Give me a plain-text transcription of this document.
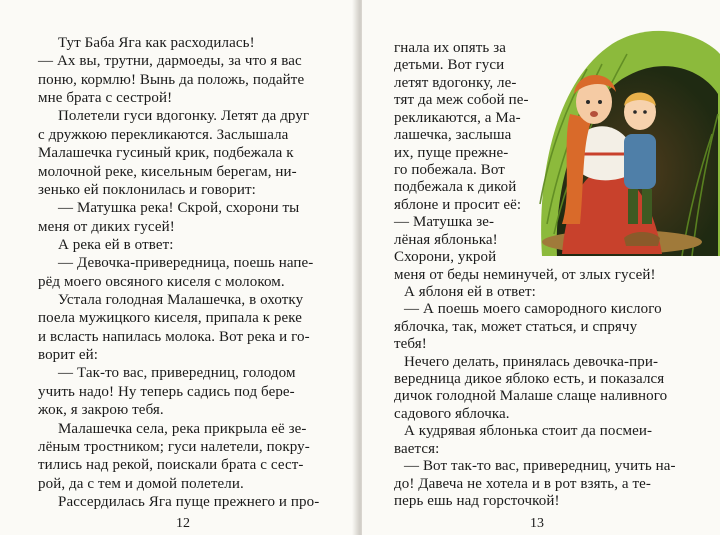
Тут Баба Яга как расходилась!
— Ах вы, трутни, дармоеды, за что я вас
поню, кормлю! Вынь да положь, подайте
мне брата с сестрой!
Полетели гуси вдогонку. Летят да друг
с дружкою перекликаются. Заслышала
Малашечка гусиный крик, подбежала к
молочной реке, кисельным берегам, ни-
зенько ей поклонилась и говорит:
— Матушка река! Скрой, схорони ты
меня от диких гусей!
А река ей в ответ:
— Девочка-привередница, поешь напе-
рёд моего овсяного киселя с молоком.
Устала голодная Малашечка, в охотку
поела мужицкого киселя, припала к реке
и всласть напилась молока. Вот река и го-
ворит ей:
— Так-то вас, привередниц, голодом
учить надо! Ну теперь садись под бере-
жок, я закрою тебя.
Малашечка села, река прикрыла её зе-
лёным тростником; гуси налетели, покру-
тились над рекой, поискали брата с сест-
12
рой, да с тем и домой полетели.
Рассердилась Яга пуще прежнего и про-
гнала их опять за
детьми. Вот гуси
летят вдогонку, ле-
тят да меж собой пе-
рекликаются, а Ма-
лашечка, заслыша
их, пуще прежне-
го побежала. Вот
подбежала к дикой
яблоне и просит её:
— Матушка зе-
лёная яблонька!
Схорони, укрой
меня от беды неминучей, от злых гусей!
А яблоня ей в ответ:
— А поешь моего самородного кислого
яблочка, так, может статься, и спрячу
тебя!
Нечего делать, принялась девочка-при-
вередница дикое яблоко есть, и показался
дичок голодной Малаше слаще наливного
садового яблочка.
А кудрявая яблонька стоит да посмеи-
вается:
— Вот так-то вас, привередниц, учить на-
до! Давеча не хотела и в рот взять, а те-
перь ешь над горсточкой!
13
